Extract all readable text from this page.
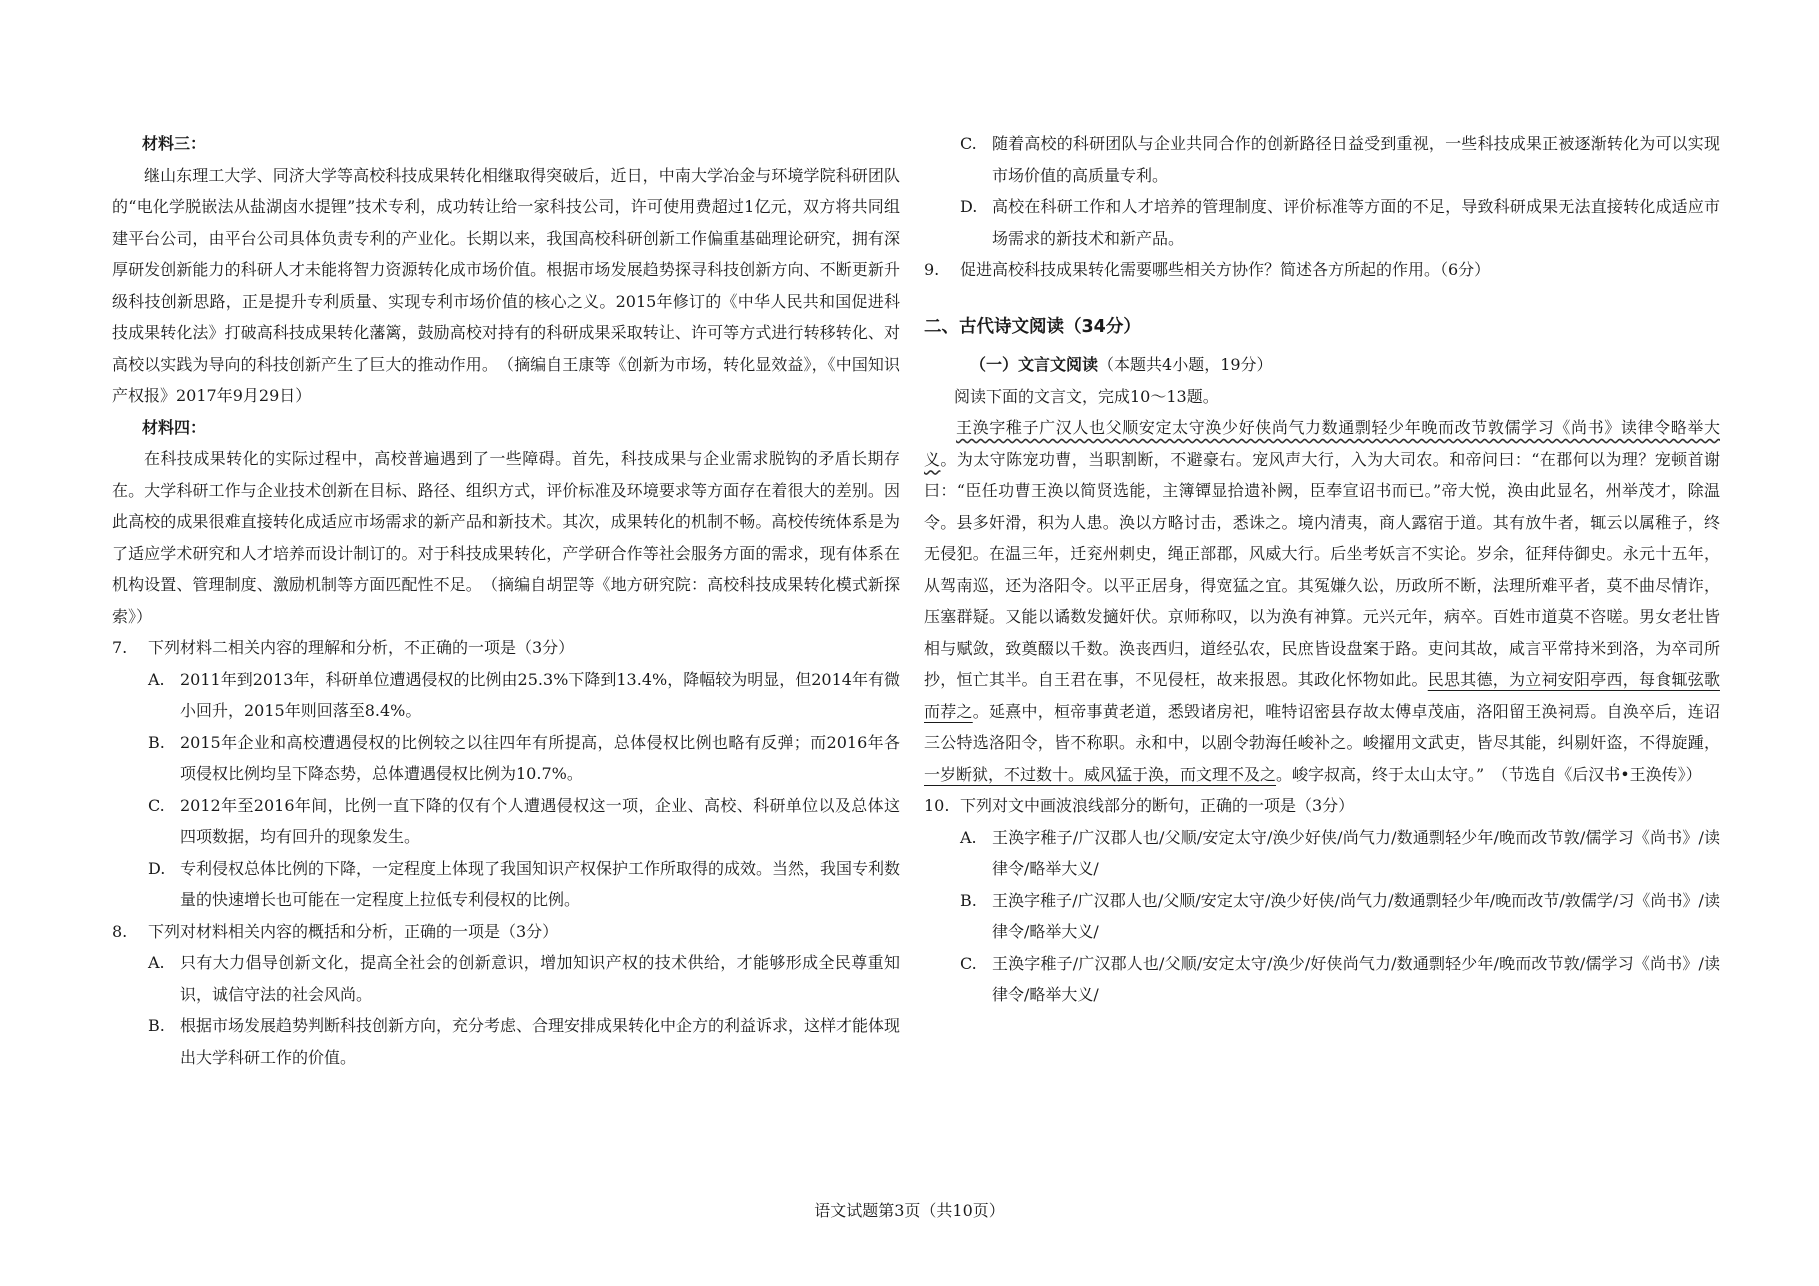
材料三：

继山东理工大学、同济大学等高校科技成果转化相继取得突破后，近日，中南大学冶金与环境学院科研团队的“电化学脱嵌法从盐湖卤水提锂”技术专利，成功转让给一家科技公司，许可使用费超过1亿元，双方将共同组建平台公司，由平台公司具体负责专利的产业化。长期以来，我国高校科研创新工作偏重基础理论研究，拥有深厚研发创新能力的科研人才未能将智力资源转化成市场价值。根据市场发展趋势探寻科技创新方向、不断更新升级科技创新思路，正是提升专利质量、实现专利市场价值的核心之义。2015年修订的《中华人民共和国促进科技成果转化法》打破高科技成果转化藩篱，鼓励高校对持有的科研成果采取转让、许可等方式进行转移转化、对高校以实践为导向的科技创新产生了巨大的推动作用。　（摘编自王康等《创新为市场，转化显效益》，《中国知识产权报》2017年9月29日）

材料四：

在科技成果转化的实际过程中，高校普遍遇到了一些障碍。首先，科技成果与企业需求脱钩的矛盾长期存在。大学科研工作与企业技术创新在目标、路径、组织方式，评价标准及环境要求等方面存在着很大的差别。因此高校的成果很难直接转化成适应市场需求的新产品和新技术。其次，成果转化的机制不畅。高校传统体系是为了适应学术研究和人才培养而设计制订的。对于科技成果转化，产学研合作等社会服务方面的需求，现有体系在机构设置、管理制度、激励机制等方面匹配性不足。　（摘编自胡罡等《地方研究院：高校科技成果转化模式新探索》）

7. 下列材料二相关内容的理解和分析，不正确的一项是（3分）
A. 2011年到2013年，科研单位遭遇侵权的比例由25.3%下降到13.4%，降幅较为明显，但2014年有微小回升，2015年则回落至8.4%。
B. 2015年企业和高校遭遇侵权的比例较之以往四年有所提高，总体侵权比例也略有反弹；而2016年各项侵权比例均呈下降态势，总体遭遇侵权比例为10.7%。
C. 2012年至2016年间，比例一直下降的仅有个人遭遇侵权这一项，企业、高校、科研单位以及总体这四项数据，均有回升的现象发生。
D. 专利侵权总体比例的下降，一定程度上体现了我国知识产权保护工作所取得的成效。当然，我国专利数量的快速增长也可能在一定程度上拉低专利侵权的比例。
8. 下列对材料相关内容的概括和分析，正确的一项是（3分）
A. 只有大力倡导创新文化，提高全社会的创新意识，增加知识产权的技术供给，才能够形成全民尊重知识，诚信守法的社会风尚。
B. 根据市场发展趋势判断科技创新方向，充分考虑、合理安排成果转化中企方的利益诉求，这样才能体现出大学科研工作的价值。
C. 随着高校的科研团队与企业共同合作的创新路径日益受到重视，一些科技成果正被逐渐转化为可以实现市场价值的高质量专利。
D. 高校在科研工作和人才培养的管理制度、评价标准等方面的不足，导致科研成果无法直接转化成适应市场需求的新技术和新产品。
9. 促进高校科技成果转化需要哪些相关方协作？简述各方所起的作用。（6分）

二、古代诗文阅读（34分）

（一）文言文阅读（本题共4小题，19分）

阅读下面的文言文，完成10～13题。

王涣字稚子广汉人也父顺安定太守涣少好侠尚气力数通剽轻少年晚而改节敦儒学习《尚书》读律令略举大义。为太守陈宠功曹，当职割断，不避豪右。宠风声大行，入为大司农。和帝问曰：“在郡何以为理？宠顿首谢曰：“臣任功曹王涣以简贤选能，主簿镡显拾遗补阙，臣奉宣诏书而已。”帝大悦，涣由此显名，州举茂才，除温令。县多奸滑，积为人患。涣以方略讨击，悉诛之。境内清夷，商人露宿于道。其有放牛者，辄云以属稚子，终无侵犯。在温三年，迁兖州刺史，绳正部郡，风威大行。后坐考妖言不实论。岁余，征拜侍御史。永元十五年，从驾南巡，还为洛阳令。以平正居身，得宽猛之宜。其冤嫌久讼，历政所不断，法理所难平者，莫不曲尽情诈，压塞群疑。又能以谲数发擿奸伏。京师称叹，以为涣有神算。元兴元年，病卒。百姓市道莫不咨嗟。男女老壮皆相与赋敛，致奠醊以千数。涣丧西归，道经弘农，民庶皆设盘案于路。吏问其故，咸言平常持米到洛，为卒司所抄，恒亡其半。自王君在事，不见侵枉，故来报恩。其政化怀物如此。民思其德，为立祠安阳亭西，每食辄弦歌而荐之。延熹中，桓帝事黄老道，悉毁诸房祀，唯特诏密县存故太傅卓茂庙，洛阳留王涣祠焉。自涣卒后，连诏三公特选洛阳令，皆不称职。永和中，以剧令勃海任峻补之。峻擢用文武吏，皆尽其能，纠剔奸盗，不得旋踵，一岁断狱，不过数十。威风猛于涣，而文理不及之。峻字叔高，终于太山太守。”　（节选自《后汉书•王涣传》）

10. 下列对文中画波浪线部分的断句，正确的一项是（3分）
A. 王涣字稚子/广汉郡人也/父顺/安定太守/涣少好侠/尚气力/数通剽轻少年/晚而改节敦/儒学习《尚书》/读律令/略举大义/
B. 王涣字稚子/广汉郡人也/父顺/安定太守/涣少好侠/尚气力/数通剽轻少年/晚而改节/敦儒学/习《尚书》/读律令/略举大义/
C. 王涣字稚子/广汉郡人也/父顺/安定太守/涣少/好侠尚气力/数通剽轻少年/晚而改节敦/儒学习《尚书》/读律令/略举大义/
语文试题第3页（共10页）
